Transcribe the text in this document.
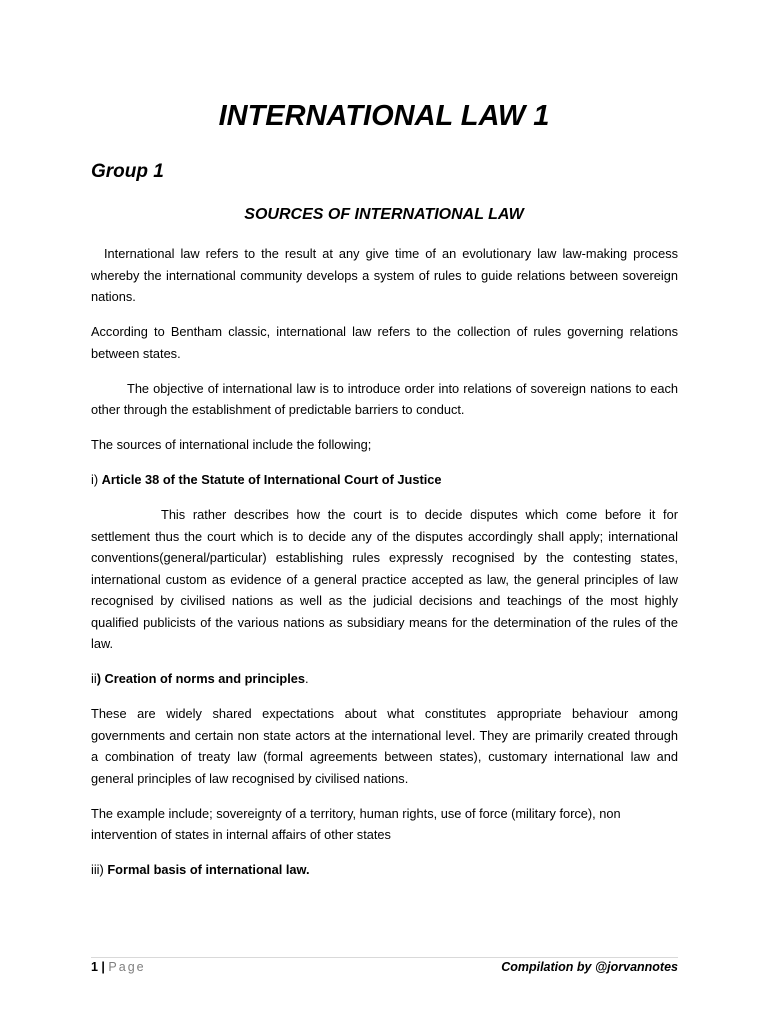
INTERNATIONAL LAW 1
Group 1
SOURCES OF INTERNATIONAL LAW

International law refers to the result at any give time of an evolutionary law law-making process whereby the international community develops a system of rules to guide relations between sovereign nations.

According to Bentham classic, international law refers to the collection of rules governing relations between states.

The objective of international law is to introduce order into relations of sovereign nations to each other through the establishment of predictable barriers to conduct.

The sources of international include the following;

i) Article 38 of the Statute of International Court of Justice

This rather describes how the court is to decide disputes which come before it for settlement thus the court which is to decide any of the disputes accordingly shall apply; international conventions(general/particular) establishing rules expressly recognised by the contesting states, international custom as evidence of a general practice accepted as law, the general principles of law recognised by civilised nations as well as the judicial decisions and teachings of the most highly qualified publicists of the various nations as subsidiary means for the determination of the rules of the law.

ii) Creation of norms and principles.

These are widely shared expectations about what constitutes appropriate behaviour among governments and certain non state actors at the international level. They are primarily created through a combination of treaty law (formal agreements between states), customary international law and general principles of law recognised by civilised nations.

The example include; sovereignty of a territory, human rights, use of force (military force), non intervention of states in internal affairs of other states

iii) Formal basis of international law.

1 | Page	Compilation by @jorvannotes
